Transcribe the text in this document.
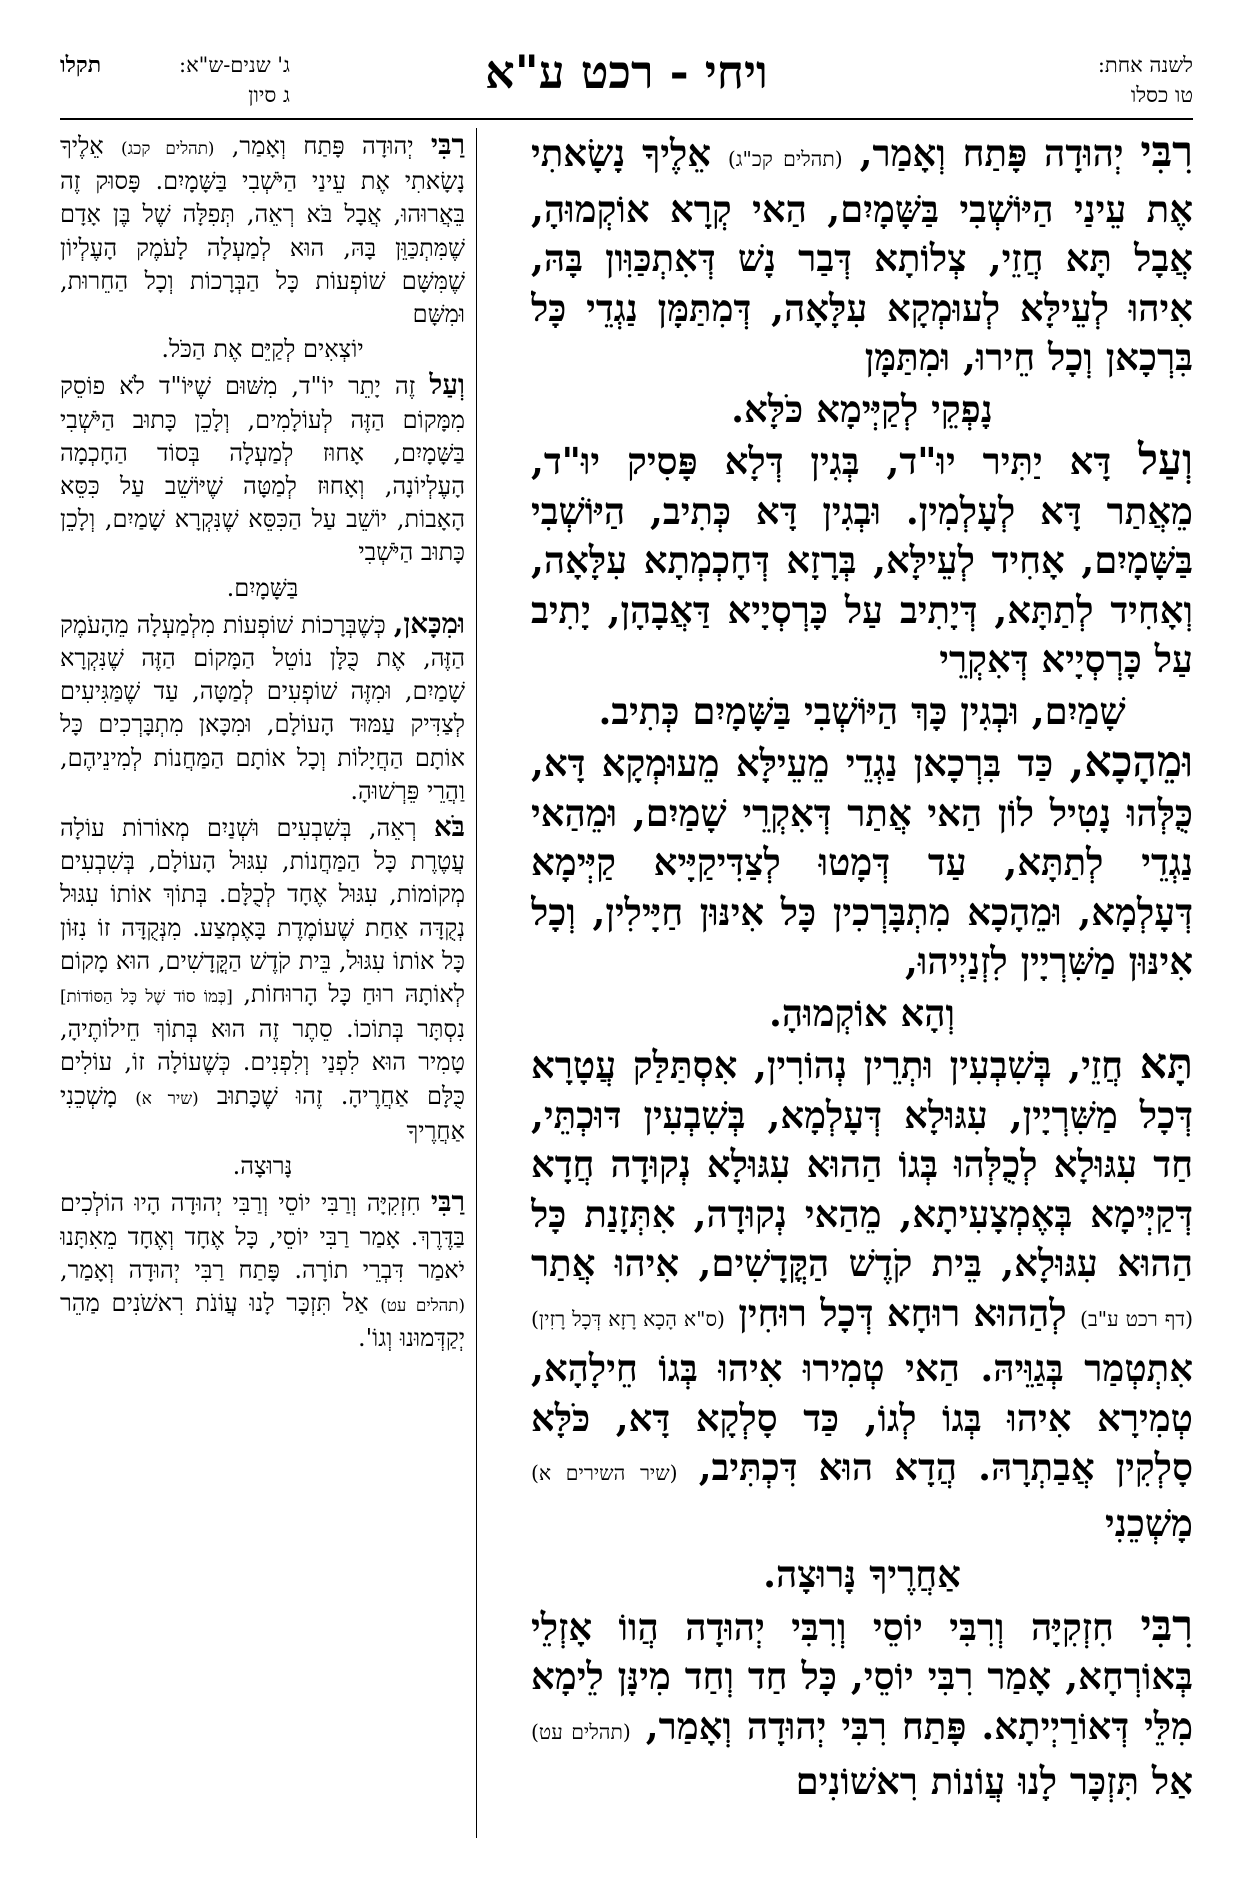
לשנה אחת:
טו כסלו
ויחי - רכט ע"א
ג' שנים-ש"א:
תקלו
ג סיון

רִבִּי יְהוּדָה פָּתַח וְאָמַר, (תהלים קכ"ג) אֵלֶיךָ נָשָׂאתִי אֶת עֵינַי הַיּוֹשְׁבִי בַּשָּׁמָיִם, הַאי קְרָא אוֹקְמוּהָ, אֲבָל תָּא חֲזֵי, צְלוֹתָא דְּבַר נָשׁ דְּאִתְכַּוִּון בָּהּ, אִיהוּ לְעֵילָּא לְעוּמְקָא עִלָּאָה, דְּמִתַּמָּן נַגְדֵי כָּל בִּרְכָאן וְכָל חֵירוּ, וּמִתַּמָּן

נָפְקֵי לְקַיְּימָא כֹּלָּא.

וְעַל דָּא יַתִּיר יוּ"ד, בְּגִין דְּלָא פָּסִיק יוּ"ד, מֵאֲתַר דָּא לְעָלְמִין. וּבְגִין דָּא כְּתִיב, הַיּוֹשְׁבִי בַּשָּׁמָיִם, אָחִיד לְעֵילָּא, בְּרָזָא דְּחָכְמְתָא עִלָּאָה, וְאָחִיד לְתַתָּא, דְּיָתִיב עַל כָּרְסְיָיא דַּאֲבָהָן, יָתִיב עַל כָּרְסְיָיא דְּאִקְרֵי

שָׁמַיִם, וּבְגִין כָּךְ הַיּוֹשְׁבִי בַּשָּׁמָיִם כְּתִיב.

וּמֵהָכָא, כַּד בִּרְכָאן נַגְדֵי מֵעֵילָּא מֵעוּמְקָא דָּא, כֻּלְּהוּ נָטִיל לוֹן הַאי אֲתַר דְּאִקְרֵי שָׁמַיִם, וּמֵהַאי נַגְדֵי לְתַתָּא, עַד דְּמָטוּ לְצַדִּיקַיָּיא קַיְּימָא דְּעָלְמָא, וּמֵהָכָא מִתְבָּרְכִין כָּל אִינּוּן חַיָּילִין, וְכָל אִינּוּן מַשִּׁרְיָין לִזְנַיְיהוּ,

וְהָא אוֹקְמוּהָ.

תָּא חֲזֵי, בְּשִׁבְעִין וּתְרֵין נְהוֹרִין, אִסְתַּלַּק עֲטָרָא דְּכָל מַשִּׁרְיָין, עִגּוּלָא דְּעָלְמָא, בְּשִׁבְעִין דּוּכְתֵּי, חַד עִגּוּלָא לְכֻלְּהוּ בְּגוֹ הַהוּא עִגּוּלָא נְקוּדָה חֲדָא דְּקַיְּימָא בְּאֶמְצָעִיתָא, מֵהַאי נְקוּדָה, אִתְּזָנַת כָּל הַהוּא עִגּוּלָא, בֵּית קֹדֶשׁ הַקֳּדָשִׁים, אִיהוּ אֲתַר (דף רכט ע"ב) לְהַהוּא רוּחָא דְּכָל רוּחִין (ס"א הָכָא רָזָא דְּכָל רָזִין) אִתְטְמַר בְּגַוֵּיהּ. הַאי טְמִירוּ אִיהוּ בְּגוֹ חֵילָהָא, טְמִירָא אִיהוּ בְּגוֹ לְגוֹ, כַּד סָלְקָא דָּא, כֹּלָּא סָלְקִין אֲבַתְרָהּ. הֲדָא הוּא דִּכְתִּיב, (שיר השירים א) מָשְׁכֵנִי

אַחֲרֶיךָ נָּרוּצָה.

רִבִּי חִזְקִיָּה וְרִבִּי יוֹסֵי וְרִבִּי יְהוּדָה הֲווֹ אָזְלֵי בְּאוֹרְחָא, אָמַר רִבִּי יוֹסֵי, כָּל חַד וְחַד מִינָּן לֵימָא מִלֵּי דְּאוֹרַיְיתָא. פָּתַח רִבִּי יְהוּדָה וְאָמַר, (תהלים עט) אַל תִּזְכָּר לָנוּ עֲוֹנוֹת רִאשׁוֹנִים

רַבִּי יְהוּדָה פָּתַח וְאָמַר, (תהלים קכג) אֵלֶיךָ נָשָׂאתִי אֶת עֵינַי הַיֹּשְׁבִי בַּשָּׁמָיִם. פָּסוּק זֶה בֵּאֲרוּהוּ, אֲבָל בֹּא רְאֵה, תְּפִלָּה שֶׁל בֶּן אָדָם שֶׁמִּתְכַּוֵּן בָּהּ, הוּא לְמַעְלָה לָעֹמֶק הָעֶלְיוֹן שֶׁמִּשָּׁם שׁוֹפְעוֹת כָּל הַבְּרָכוֹת וְכָל הַחֵרוּת, וּמִשָּׁם

יוֹצְאִים לְקַיֵּם אֶת הַכֹּל.

וְעַל זֶה יָתֵר יוֹ"ד, מִשּׁוּם שֶׁיּוֹ"ד לֹא פוֹסֵק מִמָּקוֹם הַזֶּה לְעוֹלָמִים, וְלָכֵן כָּתוּב הַיֹּשְׁבִי בַּשָּׁמָיִם, אָחוּז לְמַעְלָה בְּסוֹד הַחָכְמָה הָעֶלְיוֹנָה, וְאָחוּז לְמַטָּה שֶׁיּוֹשֵׁב עַל כִּסֵּא הָאָבוֹת, יוֹשֵׁב עַל הַכִּסֵּא שֶׁנִּקְרָא שָׁמַיִם, וְלָכֵן כָּתוּב הַיֹּשְׁבִי

בַּשָּׁמָיִם.

וּמִכָּאן, כְּשֶׁבְּרָכוֹת שׁוֹפְעוֹת מִלְמַעְלָה מֵהָעֹמֶק הַזֶּה, אֶת כֻּלָּן נוֹטֵל הַמָּקוֹם הַזֶּה שֶׁנִּקְרָא שָׁמַיִם, וּמִזֶּה שׁוֹפְעִים לְמַטָּה, עַד שֶׁמַּגִּיעִים לְצַדִּיק עַמּוּד הָעוֹלָם, וּמִכָּאן מִתְבָּרְכִים כָּל אוֹתָם הַחֲיָלוֹת וְכָל אוֹתָם הַמַּחֲנוֹת לְמִינֵיהֶם, וַהֲרֵי פֵּרְשׁוּהָ.

בֹּא רְאֵה, בְּשִׁבְעִים וּשְׁנַיִם מְאוֹרוֹת עוֹלָה עֲטֶרֶת כָּל הַמַּחֲנוֹת, עִגּוּל הָעוֹלָם, בְּשִׁבְעִים מְקוֹמוֹת, עִגּוּל אֶחָד לְכֻלָּם. בְּתוֹךְ אוֹתוֹ עִגּוּל נְקֻדָּה אַחַת שֶׁעוֹמֶדֶת בָּאֶמְצַע. מִנְּקֻדָּה זוֹ נִזּוֹן כָּל אוֹתוֹ עִגּוּל, בֵּית קֹדֶשׁ הַקֳּדָשִׁים, הוּא מָקוֹם לְאוֹתָהּ רוּחַ כָּל הָרוּחוֹת, [כְּמוֹ סוֹד שֶׁל כָּל הַסּוֹדוֹת] נִסְתָּר בְּתוֹכוֹ. סֵתֶר זֶה הוּא בְּתוֹךְ חֵילוֹתֶיהָ, טָמִיר הוּא לִפְנַי וְלִפְנִים. כְּשֶׁעוֹלָה זוֹ, עוֹלִים כֻּלָּם אַחֲרֶיהָ. זֶהוּ שֶׁכָּתוּב (שיר א) מָשְׁכֵנִי אַחֲרֶיךָ

נָּרוּצָה.

רַבִּי חִזְקִיָּה וְרַבִּי יוֹסֵי וְרַבִּי יְהוּדָה הָיוּ הוֹלְכִים בַּדֶּרֶךְ. אָמַר רַבִּי יוֹסֵי, כָּל אֶחָד וְאֶחָד מֵאִתָּנוּ יֹאמַר דִּבְרֵי תוֹרָה. פָּתַח רַבִּי יְהוּדָה וְאָמַר, (תהלים עט) אַל תִּזְכָּר לָנוּ עֲוֹנֹת רִאשֹׁנִים מַהֵר יְקַדְּמוּנוּ וְגוֹ'.
